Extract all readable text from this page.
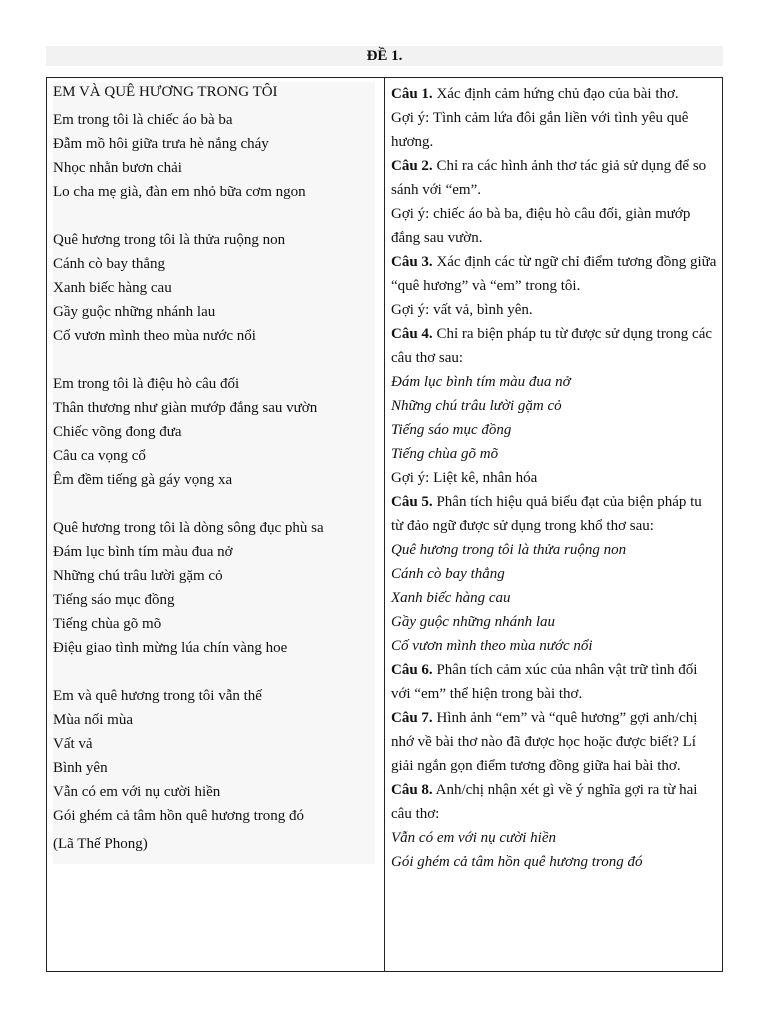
ĐỀ 1.
EM VÀ QUÊ HƯƠNG TRONG TÔI
Em trong tôi là chiếc áo bà ba
Đẫm mồ hôi giữa trưa hè nắng cháy
Nhọc nhằn bươn chải
Lo cha mẹ già, đàn em nhỏ bữa cơm ngon
Quê hương trong tôi là thửa ruộng non
Cánh cò bay thẳng
Xanh biếc hàng cau
Gầy guộc những nhánh lau
Cố vươn mình theo mùa nước nổi
Em trong tôi là điệu hò câu đối
Thân thương như giàn mướp đắng sau vườn
Chiếc võng đong đưa
Câu ca vọng cổ
Êm đềm tiếng gà gáy vọng xa
Quê hương trong tôi là dòng sông đục phù sa
Đám lục bình tím màu đua nở
Những chú trâu lười gặm cỏ
Tiếng sáo mục đồng
Tiếng chùa gõ mõ
Điệu giao tình mừng lúa chín vàng hoe
Em và quê hương trong tôi vẫn thế
Mùa nối mùa
Vất vả
Bình yên
Vẫn có em với nụ cười hiền
Gói ghém cả tâm hồn quê hương trong đó
(Lã Thế Phong)
Câu 1. Xác định cảm hứng chủ đạo của bài thơ.
Gợi ý: Tình cảm lứa đôi gắn liền với tình yêu quê hương.
Câu 2. Chỉ ra các hình ảnh thơ tác giả sử dụng để so sánh với “em”.
Gợi ý: chiếc áo bà ba, điệu hò câu đối, giàn mướp đắng sau vườn.
Câu 3. Xác định các từ ngữ chỉ điểm tương đồng giữa “quê hương” và “em” trong tôi.
Gợi ý: vất vả, bình yên.
Câu 4. Chỉ ra biện pháp tu từ được sử dụng trong các câu thơ sau:
Đám lục bình tím màu đua nở
Những chú trâu lười gặm cỏ
Tiếng sáo mục đồng
Tiếng chùa gõ mõ
Gợi ý: Liệt kê, nhân hóa
Câu 5. Phân tích hiệu quả biểu đạt của biện pháp tu từ đảo ngữ được sử dụng trong khổ thơ sau:
Quê hương trong tôi là thửa ruộng non
Cánh cò bay thẳng
Xanh biếc hàng cau
Gầy guộc những nhánh lau
Cố vươn mình theo mùa nước nổi
Câu 6. Phân tích cảm xúc của nhân vật trữ tình đối với “em” thể hiện trong bài thơ.
Câu 7. Hình ảnh “em” và “quê hương” gợi anh/chị nhớ về bài thơ nào đã được học hoặc được biết? Lí giải ngắn gọn điểm tương đồng giữa hai bài thơ.
Câu 8. Anh/chị nhận xét gì về ý nghĩa gợi ra từ hai câu thơ:
Vẫn có em với nụ cười hiền
Gói ghém cả tâm hồn quê hương trong đó
